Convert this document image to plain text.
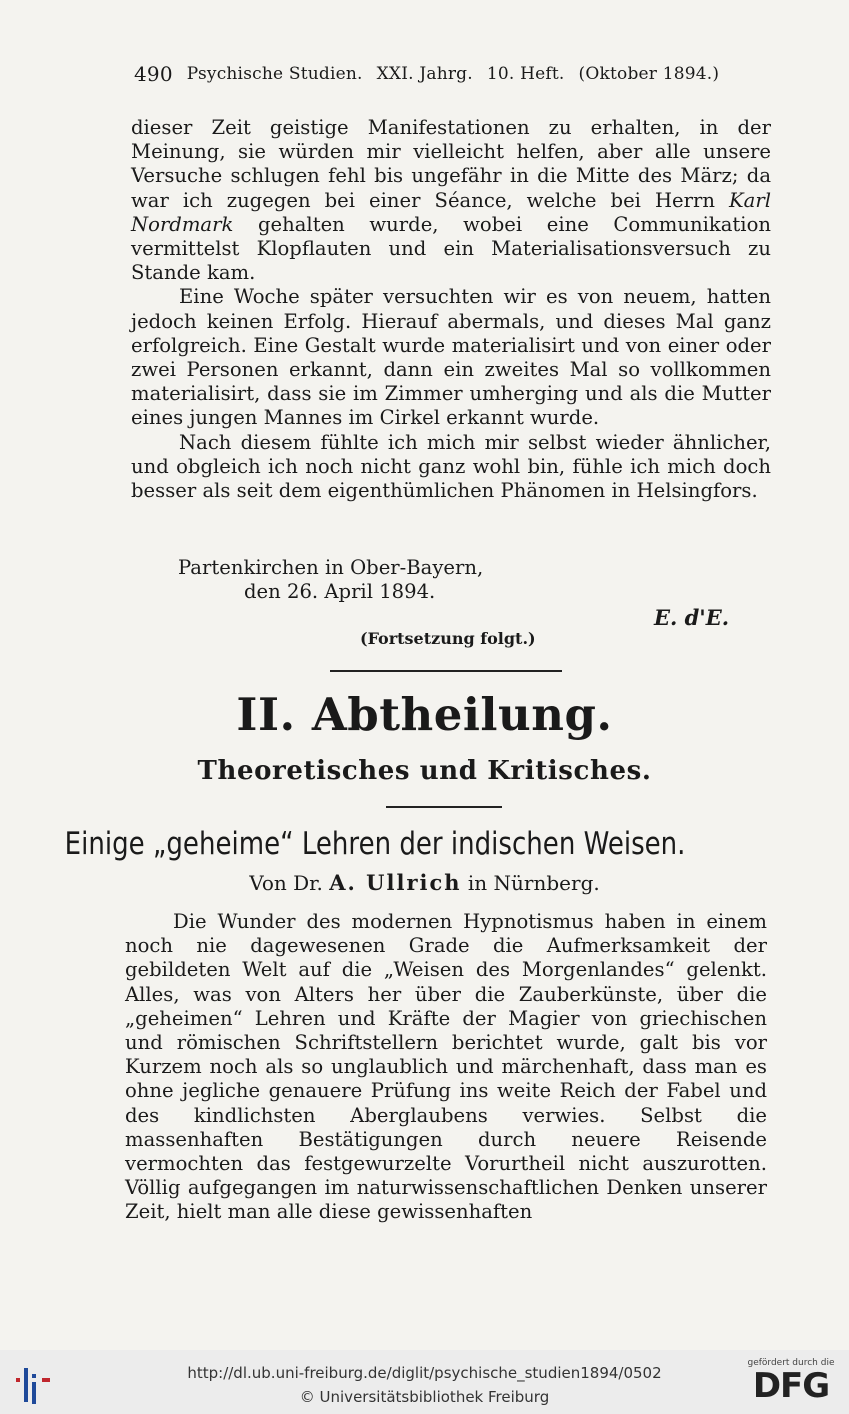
490 Psychische Studien. XXI. Jahrg. 10. Heft. (Oktober 1894.)

dieser Zeit geistige Manifestationen zu erhalten, in der Meinung, sie würden mir vielleicht helfen, aber alle unsere Versuche schlugen fehl bis ungefähr in die Mitte des März; da war ich zugegen bei einer Séance, welche bei Herrn Karl Nordmark gehalten wurde, wobei eine Communikation vermittelst Klopflauten und ein Materialisationsversuch zu Stande kam.

Eine Woche später versuchten wir es von neuem, hatten jedoch keinen Erfolg. Hierauf abermals, und dieses Mal ganz erfolgreich. Eine Gestalt wurde materialisirt und von einer oder zwei Personen erkannt, dann ein zweites Mal so vollkommen materialisirt, dass sie im Zimmer umherging und als die Mutter eines jungen Mannes im Cirkel erkannt wurde.

Nach diesem fühlte ich mich mir selbst wieder ähnlicher, und obgleich ich noch nicht ganz wohl bin, fühle ich mich doch besser als seit dem eigenthümlichen Phänomen in Helsingfors.

Partenkirchen in Ober-Bayern,
den 26. April 1894.
E. d'E.
(Fortsetzung folgt.)
II. Abtheilung.
Theoretisches und Kritisches.
Einige „geheime“ Lehren der indischen Weisen.
Von Dr. A. Ullrich in Nürnberg.

Die Wunder des modernen Hypnotismus haben in einem noch nie dagewesenen Grade die Aufmerksamkeit der gebildeten Welt auf die „Weisen des Morgenlandes“ gelenkt. Alles, was von Alters her über die Zauberkünste, über die „geheimen“ Lehren und Kräfte der Magier von griechischen und römischen Schriftstellern berichtet wurde, galt bis vor Kurzem noch als so unglaublich und märchenhaft, dass man es ohne jegliche genauere Prüfung ins weite Reich der Fabel und des kindlichsten Aberglaubens verwies. Selbst die massenhaften Bestätigungen durch neuere Reisende vermochten das festgewurzelte Vorurtheil nicht auszurotten. Völlig aufgegangen im naturwissenschaftlichen Denken unserer Zeit, hielt man alle diese gewissenhaften

http://dl.ub.uni-freiburg.de/diglit/psychische_studien1894/0502
© Universitätsbibliothek Freiburg
gefördert durch die
DFG
